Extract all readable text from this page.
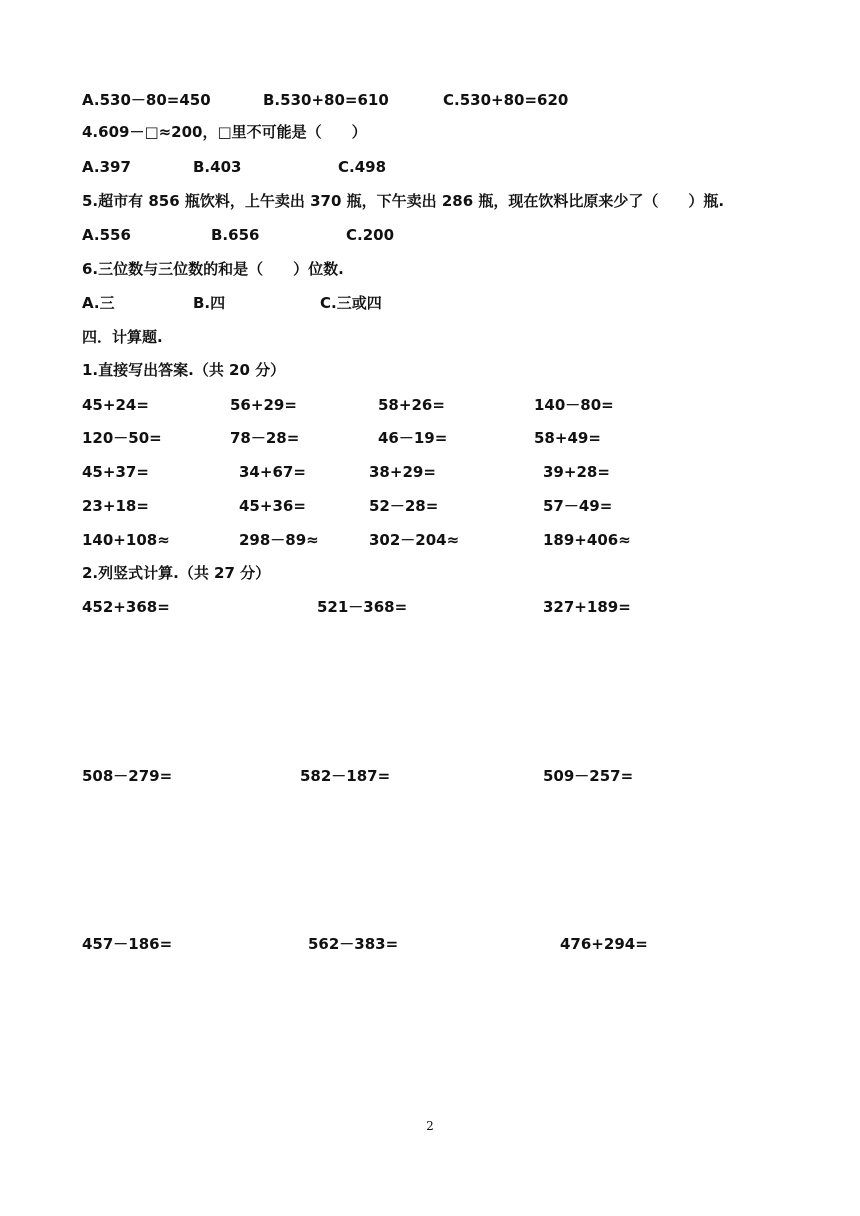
A.530－80=450	B.530+80=610	C.530+80=620
4.609－□≈200，□里不可能是（　　）
A.397	B.403	C.498
5.超市有 856 瓶饮料，上午卖出 370 瓶，下午卖出 286 瓶，现在饮料比原来少了（　　）瓶.
A.556	B.656	C.200
6.三位数与三位数的和是（　　）位数.
A.三	B.四	C.三或四
四．计算题.
1.直接写出答案.（共 20 分）
45+24=	56+29=	58+26=	140－80=
120－50=	78－28=	46－19=	58+49=
45+37=	34+67=	38+29=	39+28=
23+18=	45+36=	52－28=	57－49=
140+108≈	298－89≈	302－204≈	189+406≈
2.列竖式计算.（共 27 分）
452+368=	521－368=	327+189=
508－279=	582－187=	509－257=
457－186=	562－383=	476+294=
2
